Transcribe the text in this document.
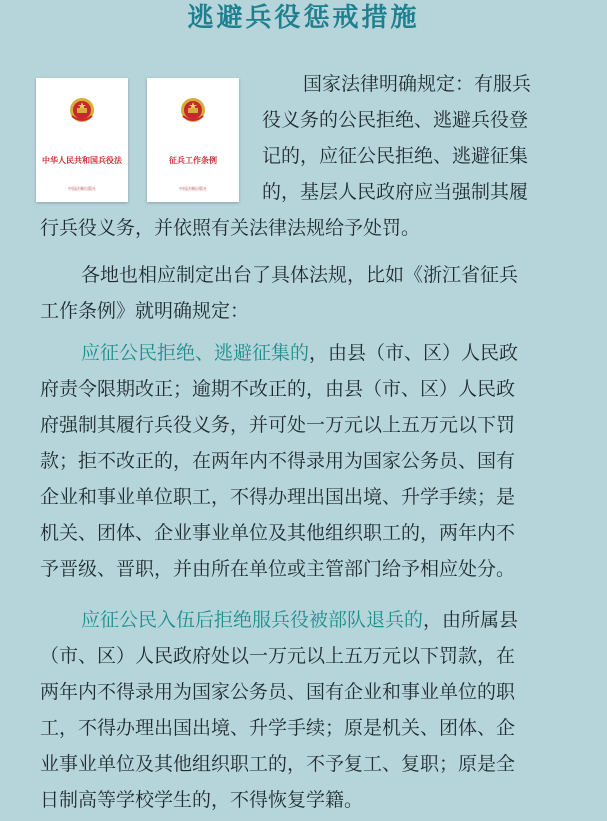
逃避兵役惩戒措施
中华人民共和国兵役法
中国法制出版社
征兵工作条例
中国法制出版社
国家法律明确规定：有服兵
役义务的公民拒绝、逃避兵役登
记的，应征公民拒绝、逃避征集
的，基层人民政府应当强制其履
行兵役义务，并依照有关法律法规给予处罚。
各地也相应制定出台了具体法规，比如《浙江省征兵
工作条例》就明确规定：
应征公民拒绝、逃避征集的，由县（市、区）人民政
府责令限期改正；逾期不改正的，由县（市、区）人民政
府强制其履行兵役义务，并可处一万元以上五万元以下罚
款；拒不改正的，在两年内不得录用为国家公务员、国有
企业和事业单位职工，不得办理出国出境、升学手续；是
机关、团体、企业事业单位及其他组织职工的，两年内不
予晋级、晋职，并由所在单位或主管部门给予相应处分。
应征公民入伍后拒绝服兵役被部队退兵的，由所属县
（市、区）人民政府处以一万元以上五万元以下罚款，在
两年内不得录用为国家公务员、国有企业和事业单位的职
工，不得办理出国出境、升学手续；原是机关、团体、企
业事业单位及其他组织职工的，不予复工、复职；原是全
日制高等学校学生的，不得恢复学籍。
